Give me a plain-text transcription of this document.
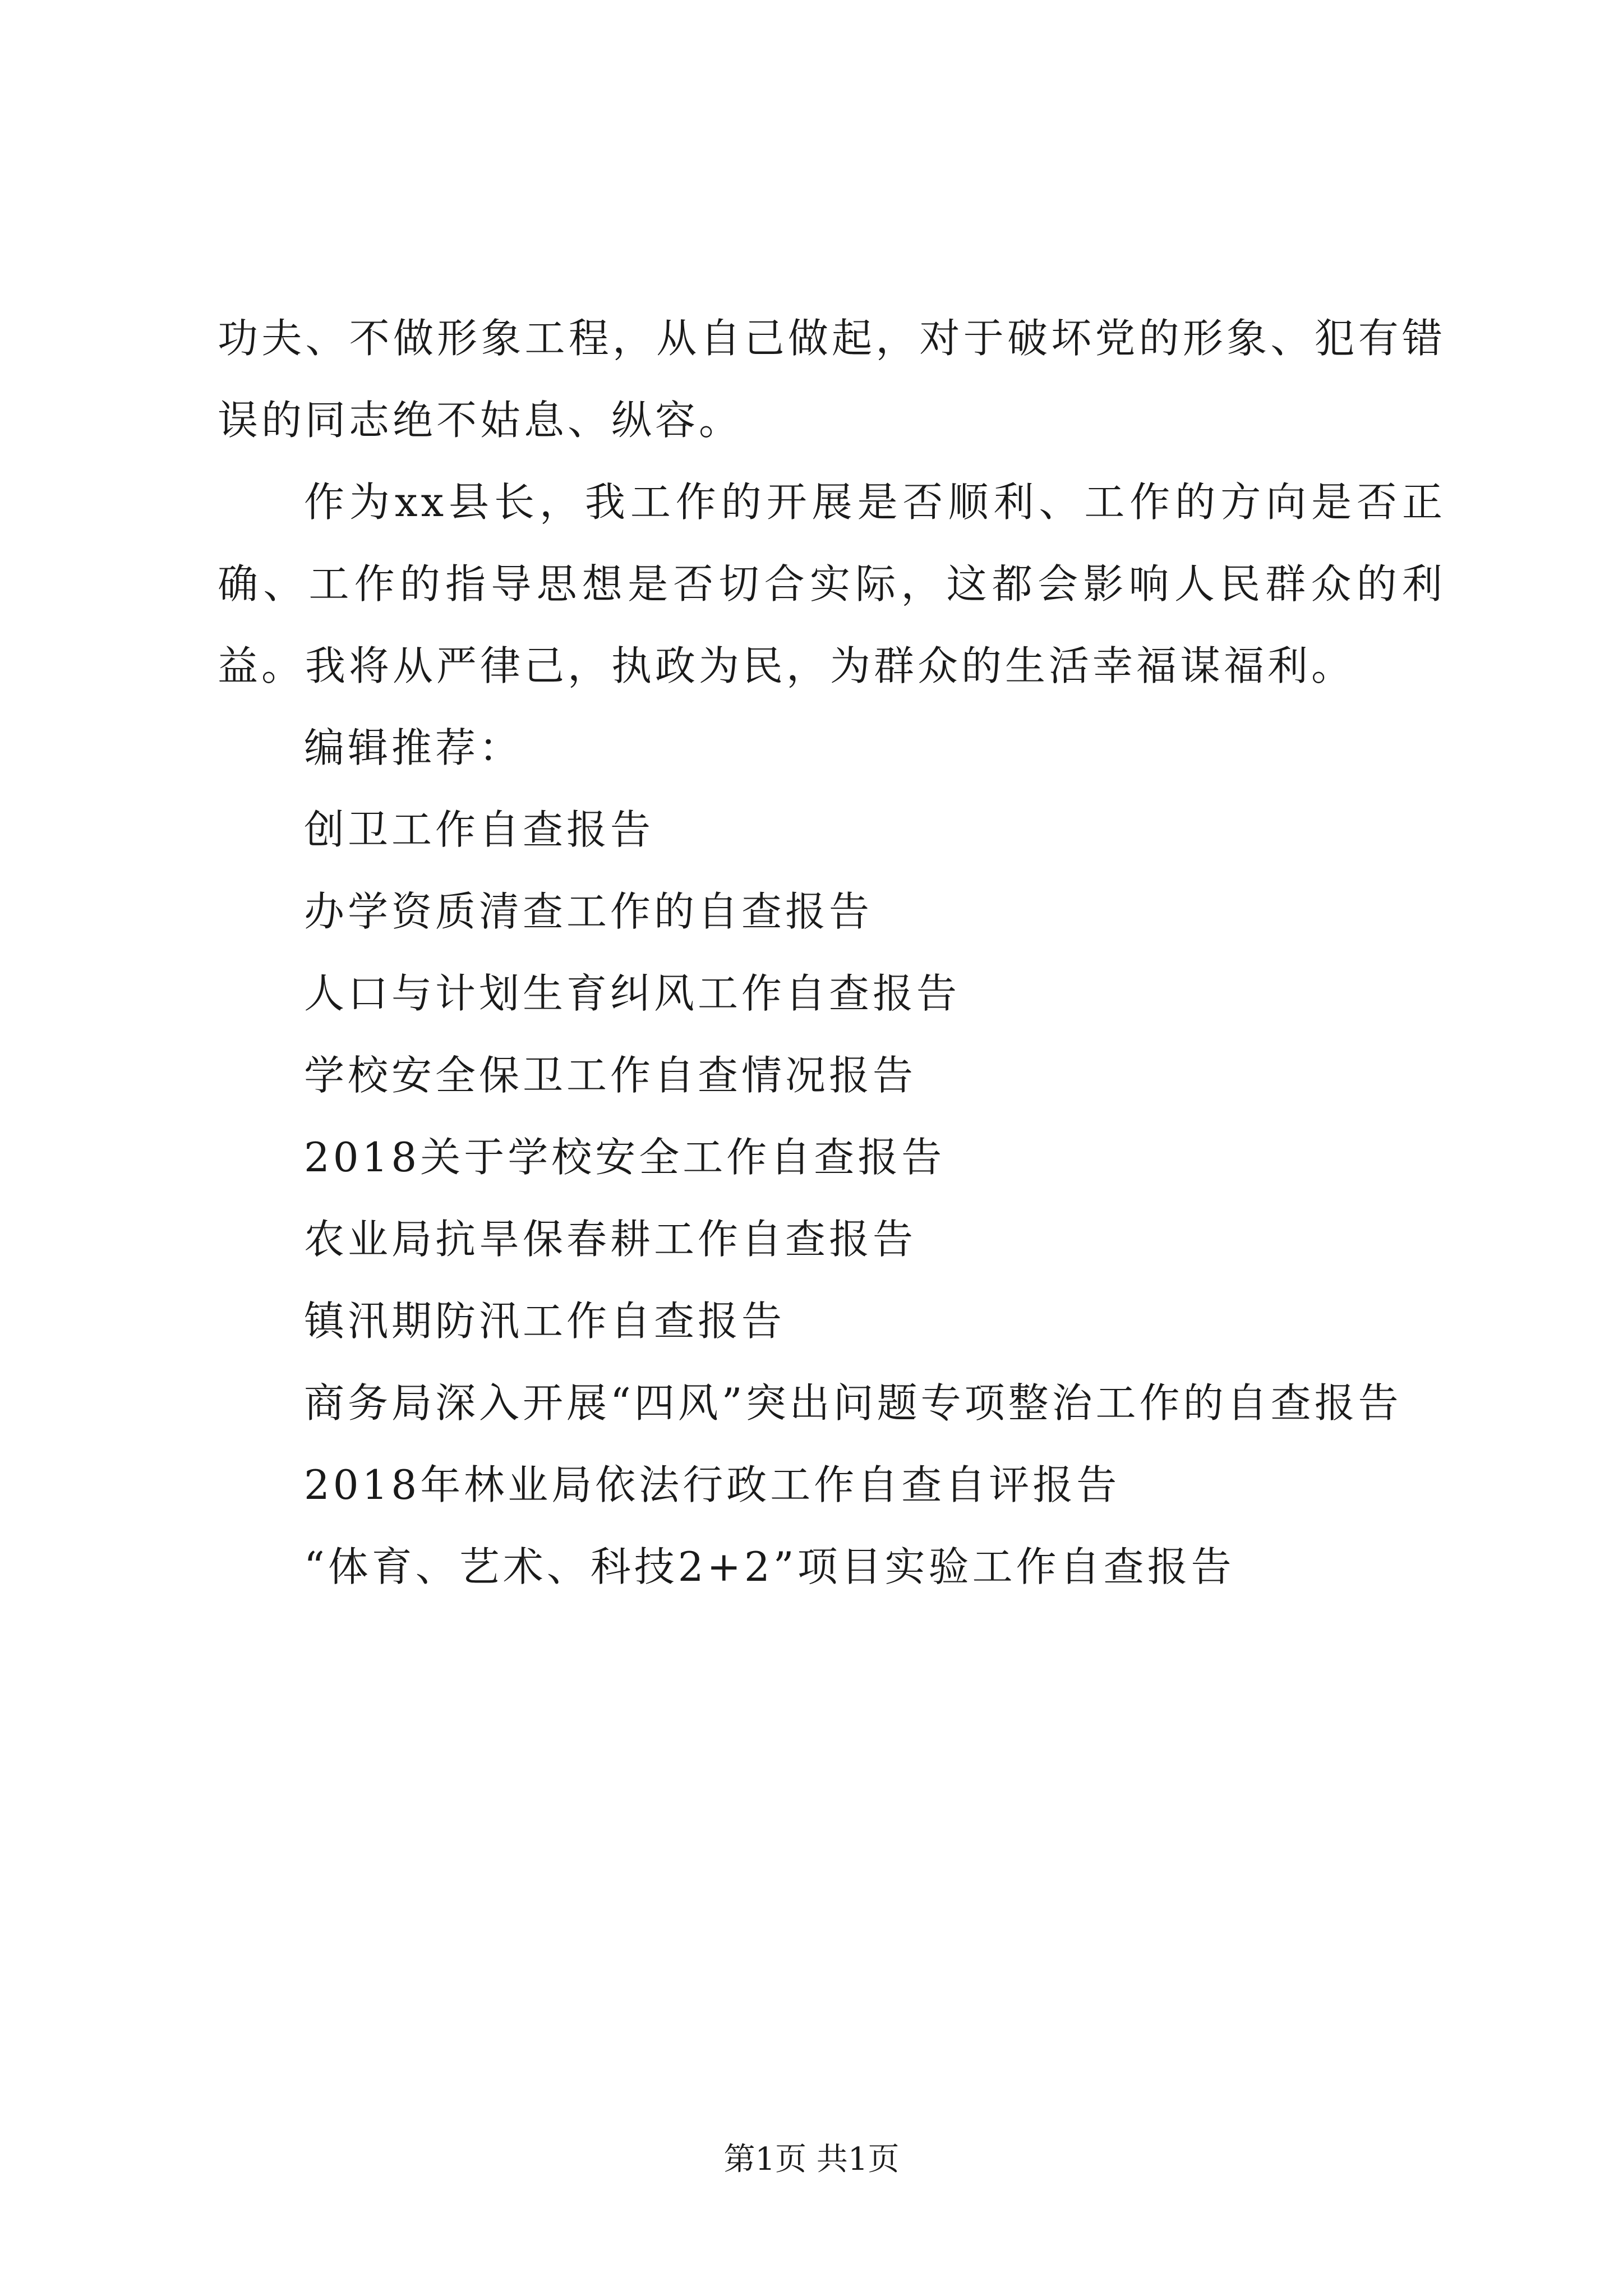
功夫、不做形象工程，从自己做起，对于破坏党的形象、犯有错误的同志绝不姑息、纵容。

作为xx县长，我工作的开展是否顺利、工作的方向是否正确、工作的指导思想是否切合实际，这都会影响人民群众的利益。我将从严律己，执政为民，为群众的生活幸福谋福利。

编辑推荐：

创卫工作自查报告
办学资质清查工作的自查报告
人口与计划生育纠风工作自查报告
学校安全保卫工作自查情况报告
2018关于学校安全工作自查报告
农业局抗旱保春耕工作自查报告
镇汛期防汛工作自查报告
商务局深入开展“四风”突出问题专项整治工作的自查报告
2018年林业局依法行政工作自查自评报告
“体育、艺术、科技2+2”项目实验工作自查报告
第1页 共1页
